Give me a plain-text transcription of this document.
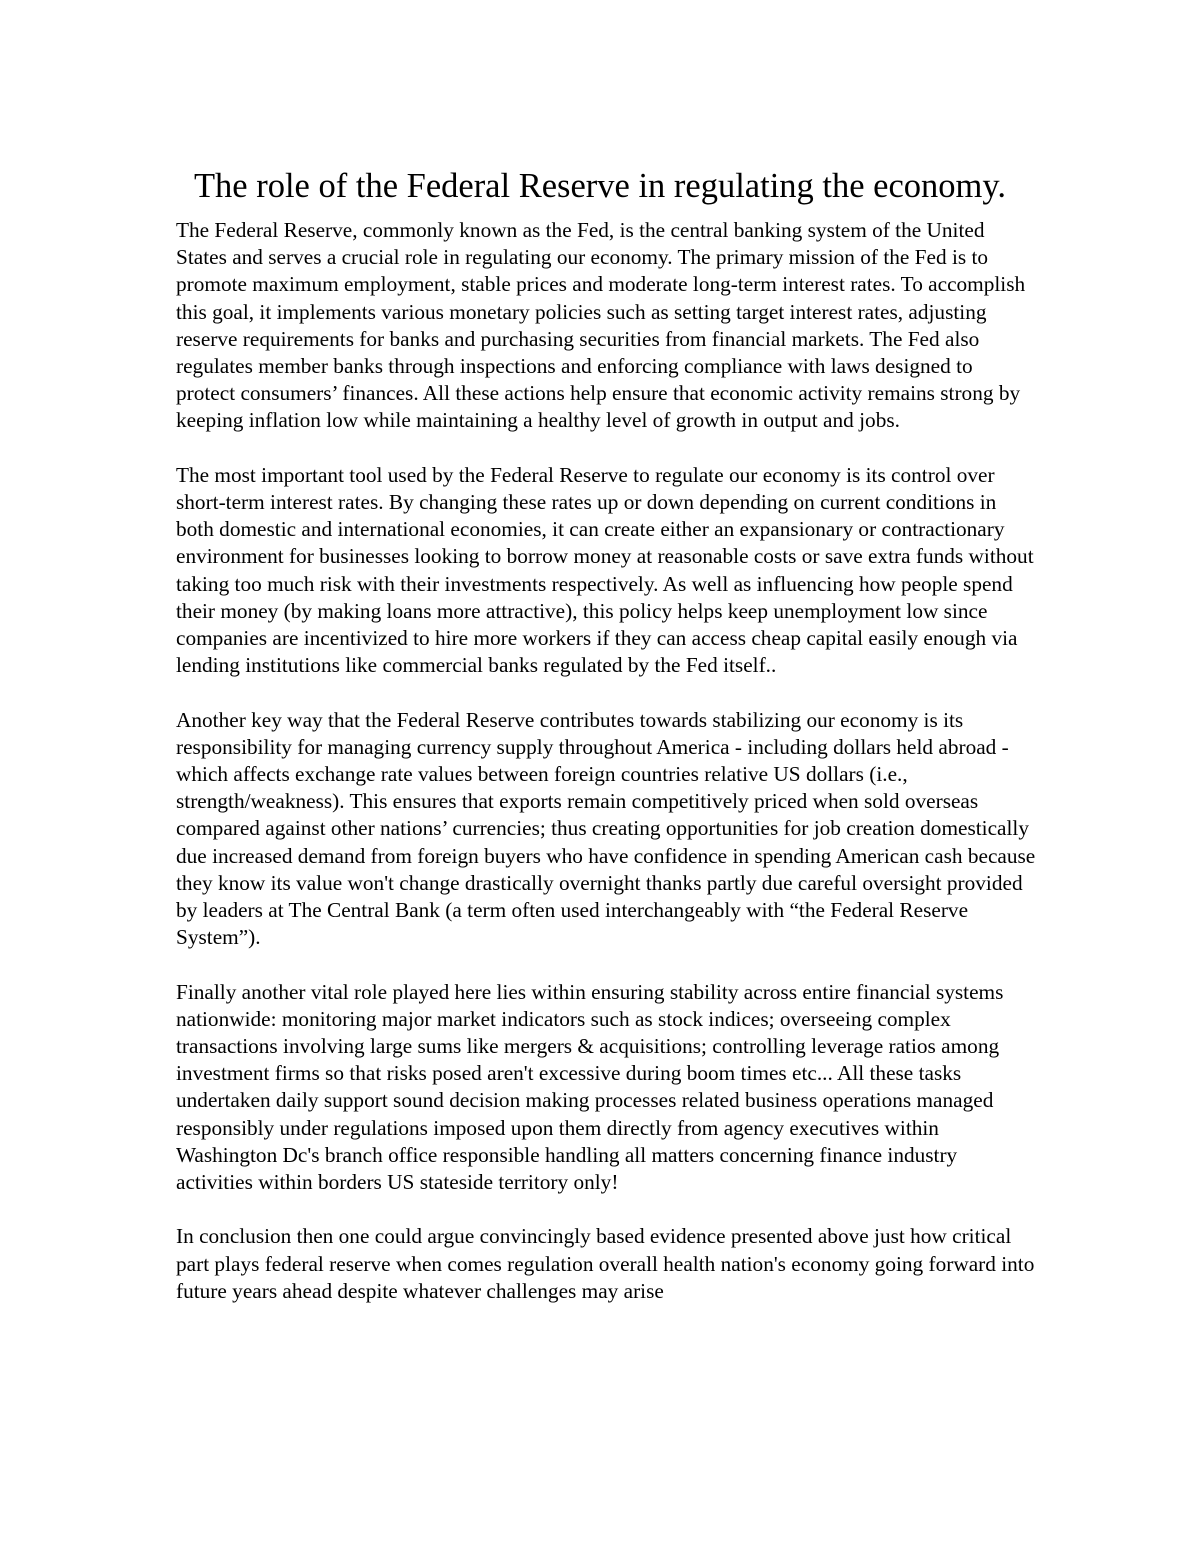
The role of the Federal Reserve in regulating the economy.

The Federal Reserve, commonly known as the Fed, is the central banking system of the United States and serves a crucial role in regulating our economy. The primary mission of the Fed is to promote maximum employment, stable prices and moderate long-term interest rates. To accomplish this goal, it implements various monetary policies such as setting target interest rates, adjusting reserve requirements for banks and purchasing securities from financial markets. The Fed also regulates member banks through inspections and enforcing compliance with laws designed to protect consumers’ finances. All these actions help ensure that economic activity remains strong by keeping inflation low while maintaining a healthy level of growth in output and jobs.

The most important tool used by the Federal Reserve to regulate our economy is its control over short-term interest rates. By changing these rates up or down depending on current conditions in both domestic and international economies, it can create either an expansionary or contractionary environment for businesses looking to borrow money at reasonable costs or save extra funds without taking too much risk with their investments respectively. As well as influencing how people spend their money (by making loans more attractive), this policy helps keep unemployment low since companies are incentivized to hire more workers if they can access cheap capital easily enough via lending institutions like commercial banks regulated by the Fed itself..

Another key way that the Federal Reserve contributes towards stabilizing our economy is its responsibility for managing currency supply throughout America - including dollars held abroad - which affects exchange rate values between foreign countries relative US dollars (i.e., strength/weakness). This ensures that exports remain competitively priced when sold overseas compared against other nations’ currencies; thus creating opportunities for job creation domestically due increased demand from foreign buyers who have confidence in spending American cash because they know its value won't change drastically overnight thanks partly due careful oversight provided by leaders at The Central Bank (a term often used interchangeably with “the Federal Reserve System”).

Finally another vital role played here lies within ensuring stability across entire financial systems nationwide: monitoring major market indicators such as stock indices; overseeing complex transactions involving large sums like mergers & acquisitions; controlling leverage ratios among investment firms so that risks posed aren't excessive during boom times etc... All these tasks undertaken daily support sound decision making processes related business operations managed responsibly under regulations imposed upon them directly from agency executives within Washington Dc's branch office responsible handling all matters concerning finance industry activities within borders US stateside territory only!

In conclusion then one could argue convincingly based evidence presented above just how critical part plays federal reserve when comes regulation overall health nation's economy going forward into future years ahead despite whatever challenges may arise
